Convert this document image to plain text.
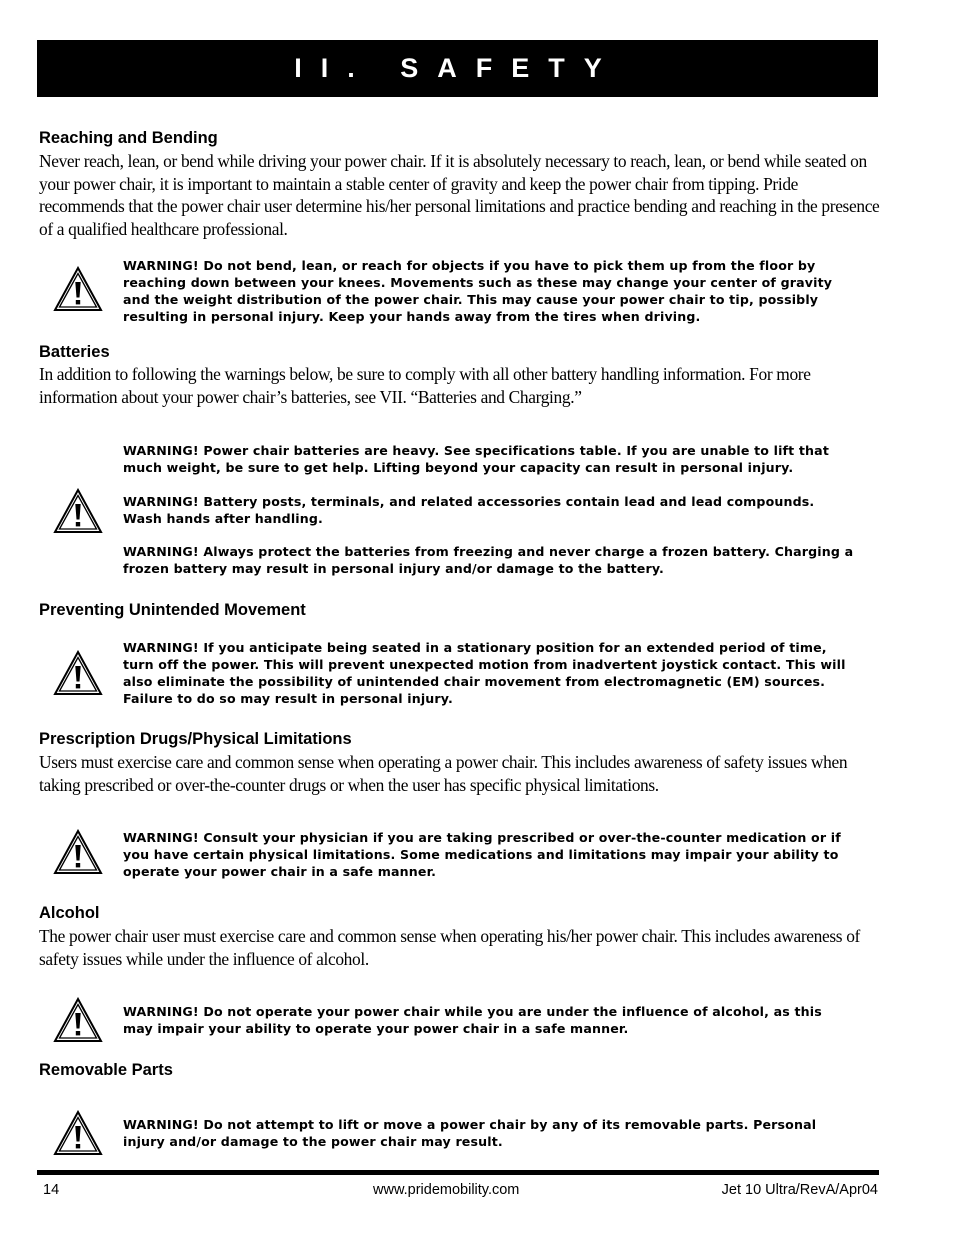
II. SAFETY
Reaching and Bending

Never reach, lean, or bend while driving your power chair. If it is absolutely necessary to reach, lean, or bend while seated on your power chair, it is important to maintain a stable center of gravity and keep the power chair from tipping. Pride recommends that the power chair user determine his/her personal limitations and practice bending and reaching in the presence of a qualified healthcare professional.

WARNING! Do not bend, lean, or reach for objects if you have to pick them up from the floor by reaching down between your knees. Movements such as these may change your center of gravity and the weight distribution of the power chair. This may cause your power chair to tip, possibly resulting in personal injury. Keep your hands away from the tires when driving.

Batteries

In addition to following the warnings below, be sure to comply with all other battery handling information. For more information about your power chair’s batteries, see VII. “Batteries and Charging.”

WARNING! Power chair batteries are heavy. See specifications table. If you are unable to lift that much weight, be sure to get help. Lifting beyond your capacity can result in personal injury.

WARNING! Battery posts, terminals, and related accessories contain lead and lead compounds. Wash hands after handling.

WARNING! Always protect the batteries from freezing and never charge a frozen battery. Charging a frozen battery may result in personal injury and/or damage to the battery.

Preventing Unintended Movement

WARNING! If you anticipate being seated in a stationary position for an extended period of time, turn off the power. This will prevent unexpected motion from inadvertent joystick contact. This will also eliminate the possibility of unintended chair movement from electromagnetic (EM) sources. Failure to do so may result in personal injury.

Prescription Drugs/Physical Limitations

Users must exercise care and common sense when operating a power chair. This includes awareness of safety issues when taking prescribed or over-the-counter drugs or when the user has specific physical limitations.

WARNING! Consult your physician if you are taking prescribed or over-the-counter medication or if you have certain physical limitations. Some medications and limitations may impair your ability to operate your power chair in a safe manner.

Alcohol

The power chair user must exercise care and common sense when operating his/her power chair. This includes awareness of safety issues while under the influence of alcohol.

WARNING! Do not operate your power chair while you are under the influence of alcohol, as this may impair your ability to operate your power chair in a safe manner.

Removable Parts

WARNING! Do not attempt to lift or move a power chair by any of its removable parts. Personal injury and/or damage to the power chair may result.

14	www.pridemobility.com	Jet 10 Ultra/RevA/Apr04
